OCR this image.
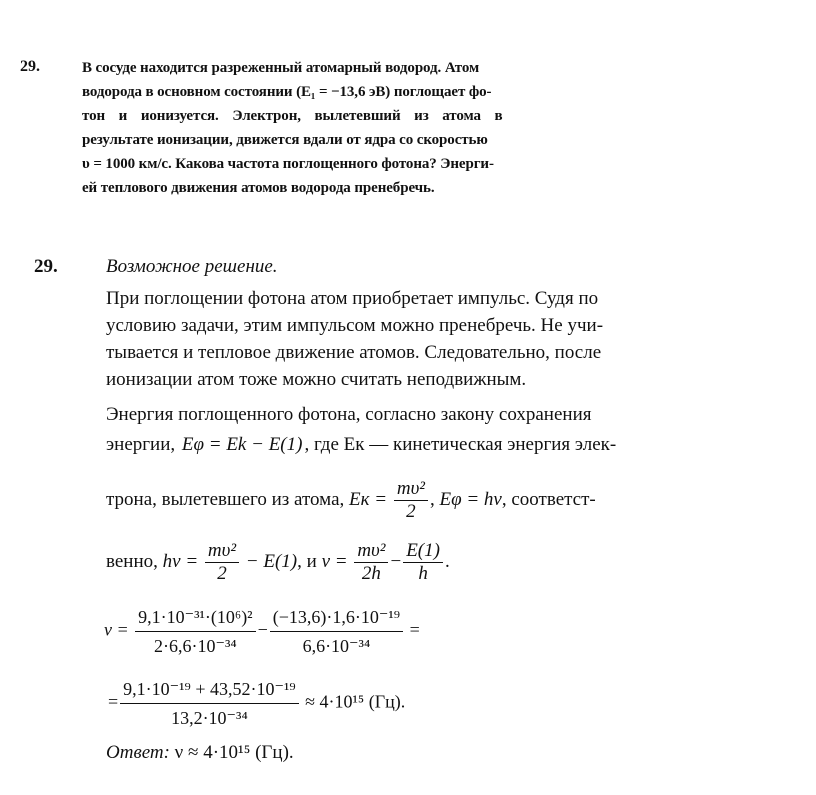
29.	В сосуде находится разреженный атомарный водород. Атом
водорода в основном состоянии (E₁ = −13,6 эВ) поглощает фо-
тон и ионизуется. Электрон, вылетевший из атома в
результате ионизации, движется вдали от ядра со скоростью
υ = 1000 км/с. Какова частота поглощенного фотона? Энерги-
ей теплового движения атомов водорода пренебречь.
29.	Возможное решение.
При поглощении фотона атом приобретает импульс. Судя по
условию задачи, этим импульсом можно пренебречь. Не учи-
тывается и тепловое движение атомов. Следовательно, после
ионизации атом тоже можно считать неподвижным.
Энергия поглощенного фотона, согласно закону сохранения
энергии, Eφ = Ek − E(1) , где Eк — кинетическая энергия элек-
трона, вылетевшего из атома, Eк = $\frac{\text{mυ²}}{2}$ , Eφ = hν, соответст-
венно, $h\nu = \frac{\text{mυ²}}{2} - E(1)$, и $\nu = \frac{\text{mυ²}}{2h} - \frac{E(1)}{h}$ .
$\nu = \frac{\text{9,1·10⁻³¹·(10⁶)²}}{\text{2·6,6·10⁻³⁴}} - \frac{\text{(−13,6)·1,6·10⁻¹⁹}}{\text{6,6·10⁻³⁴}}$ =
= $\frac{\text{9,1·10⁻¹⁹ + 43,52·10⁻¹⁹}}{\text{13,2·10⁻³⁴}} \approx 4\cdot 10^{15}$ (Гц).
Ответ: ν ≈ 4·10¹⁵ (Гц).
